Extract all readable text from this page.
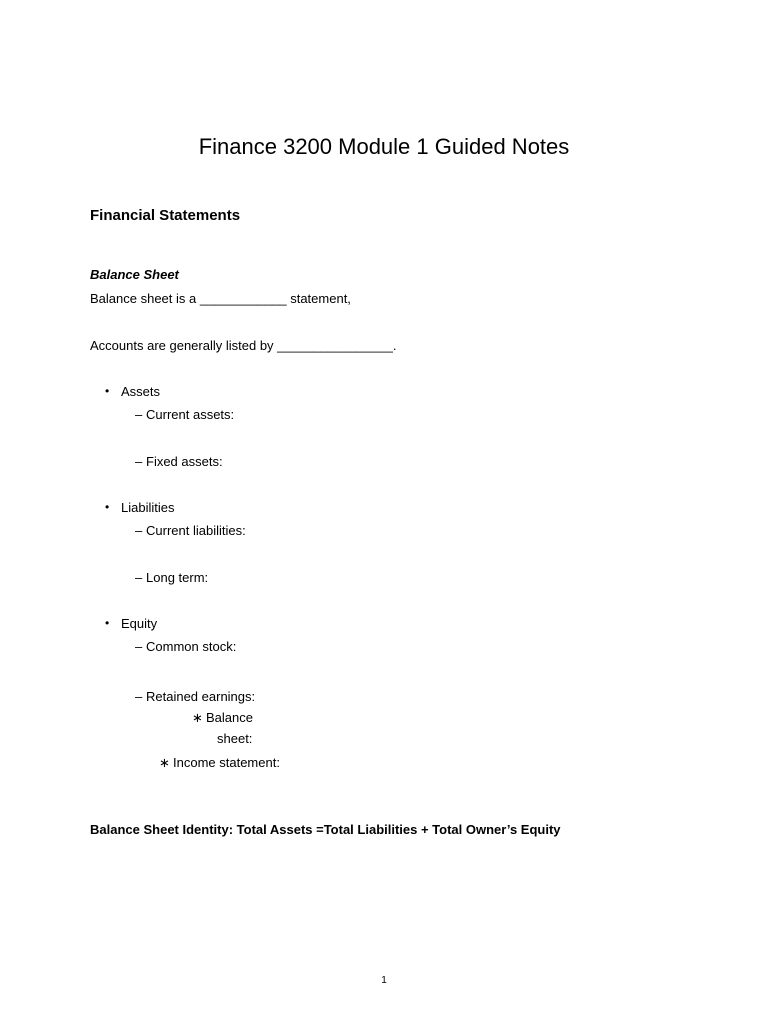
Finance 3200 Module 1 Guided Notes
Financial Statements
Balance Sheet
Balance sheet is a ____________ statement,
Accounts are generally listed by ________________.
• Assets
– Current assets:
– Fixed assets:
• Liabilities
– Current liabilities:
– Long term:
• Equity
– Common stock:
– Retained earnings:
∗ Balance
sheet:
∗ Income statement:
Balance Sheet Identity: Total Assets =Total Liabilities + Total Owner’s Equity
1
